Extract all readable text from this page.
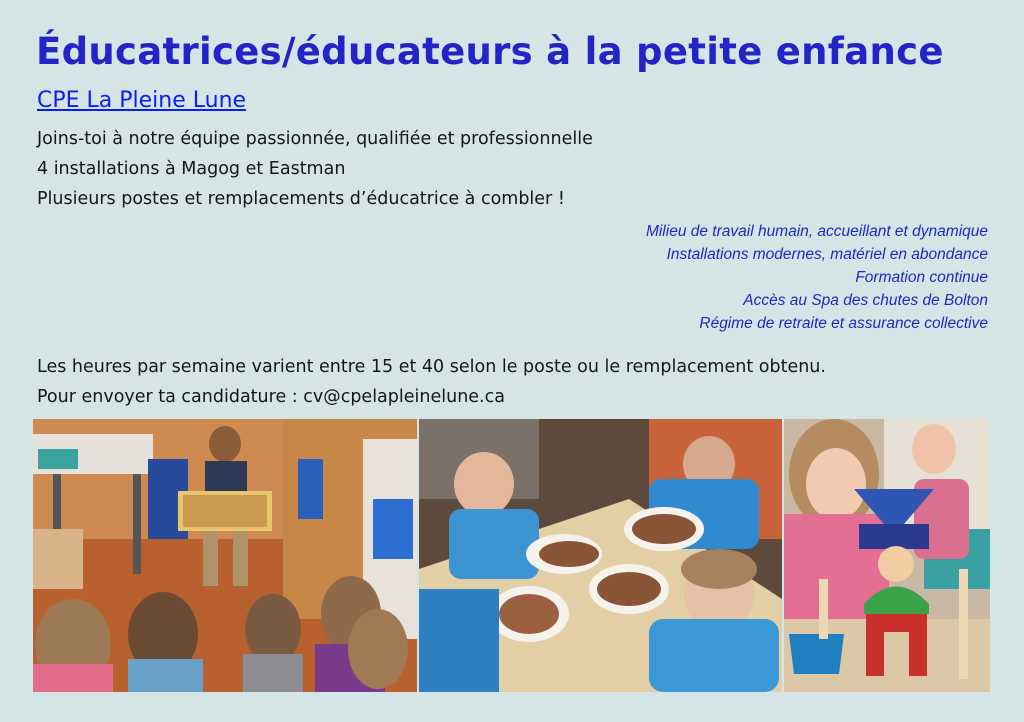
Éducatrices/éducateurs à la petite enfance
CPE La Pleine Lune
Joins-toi à notre équipe passionnée, qualifiée et professionnelle
4 installations à Magog et Eastman
Plusieurs postes et remplacements d’éducatrice à combler !
Milieu de travail humain, accueillant et dynamique
Installations modernes, matériel en abondance
Formation continue
Accès au Spa des chutes de Bolton
Régime de retraite et assurance collective
Les heures par semaine varient entre 15 et 40 selon le poste ou le remplacement obtenu.
Pour envoyer ta candidature : cv@cpelapleinelune.ca
